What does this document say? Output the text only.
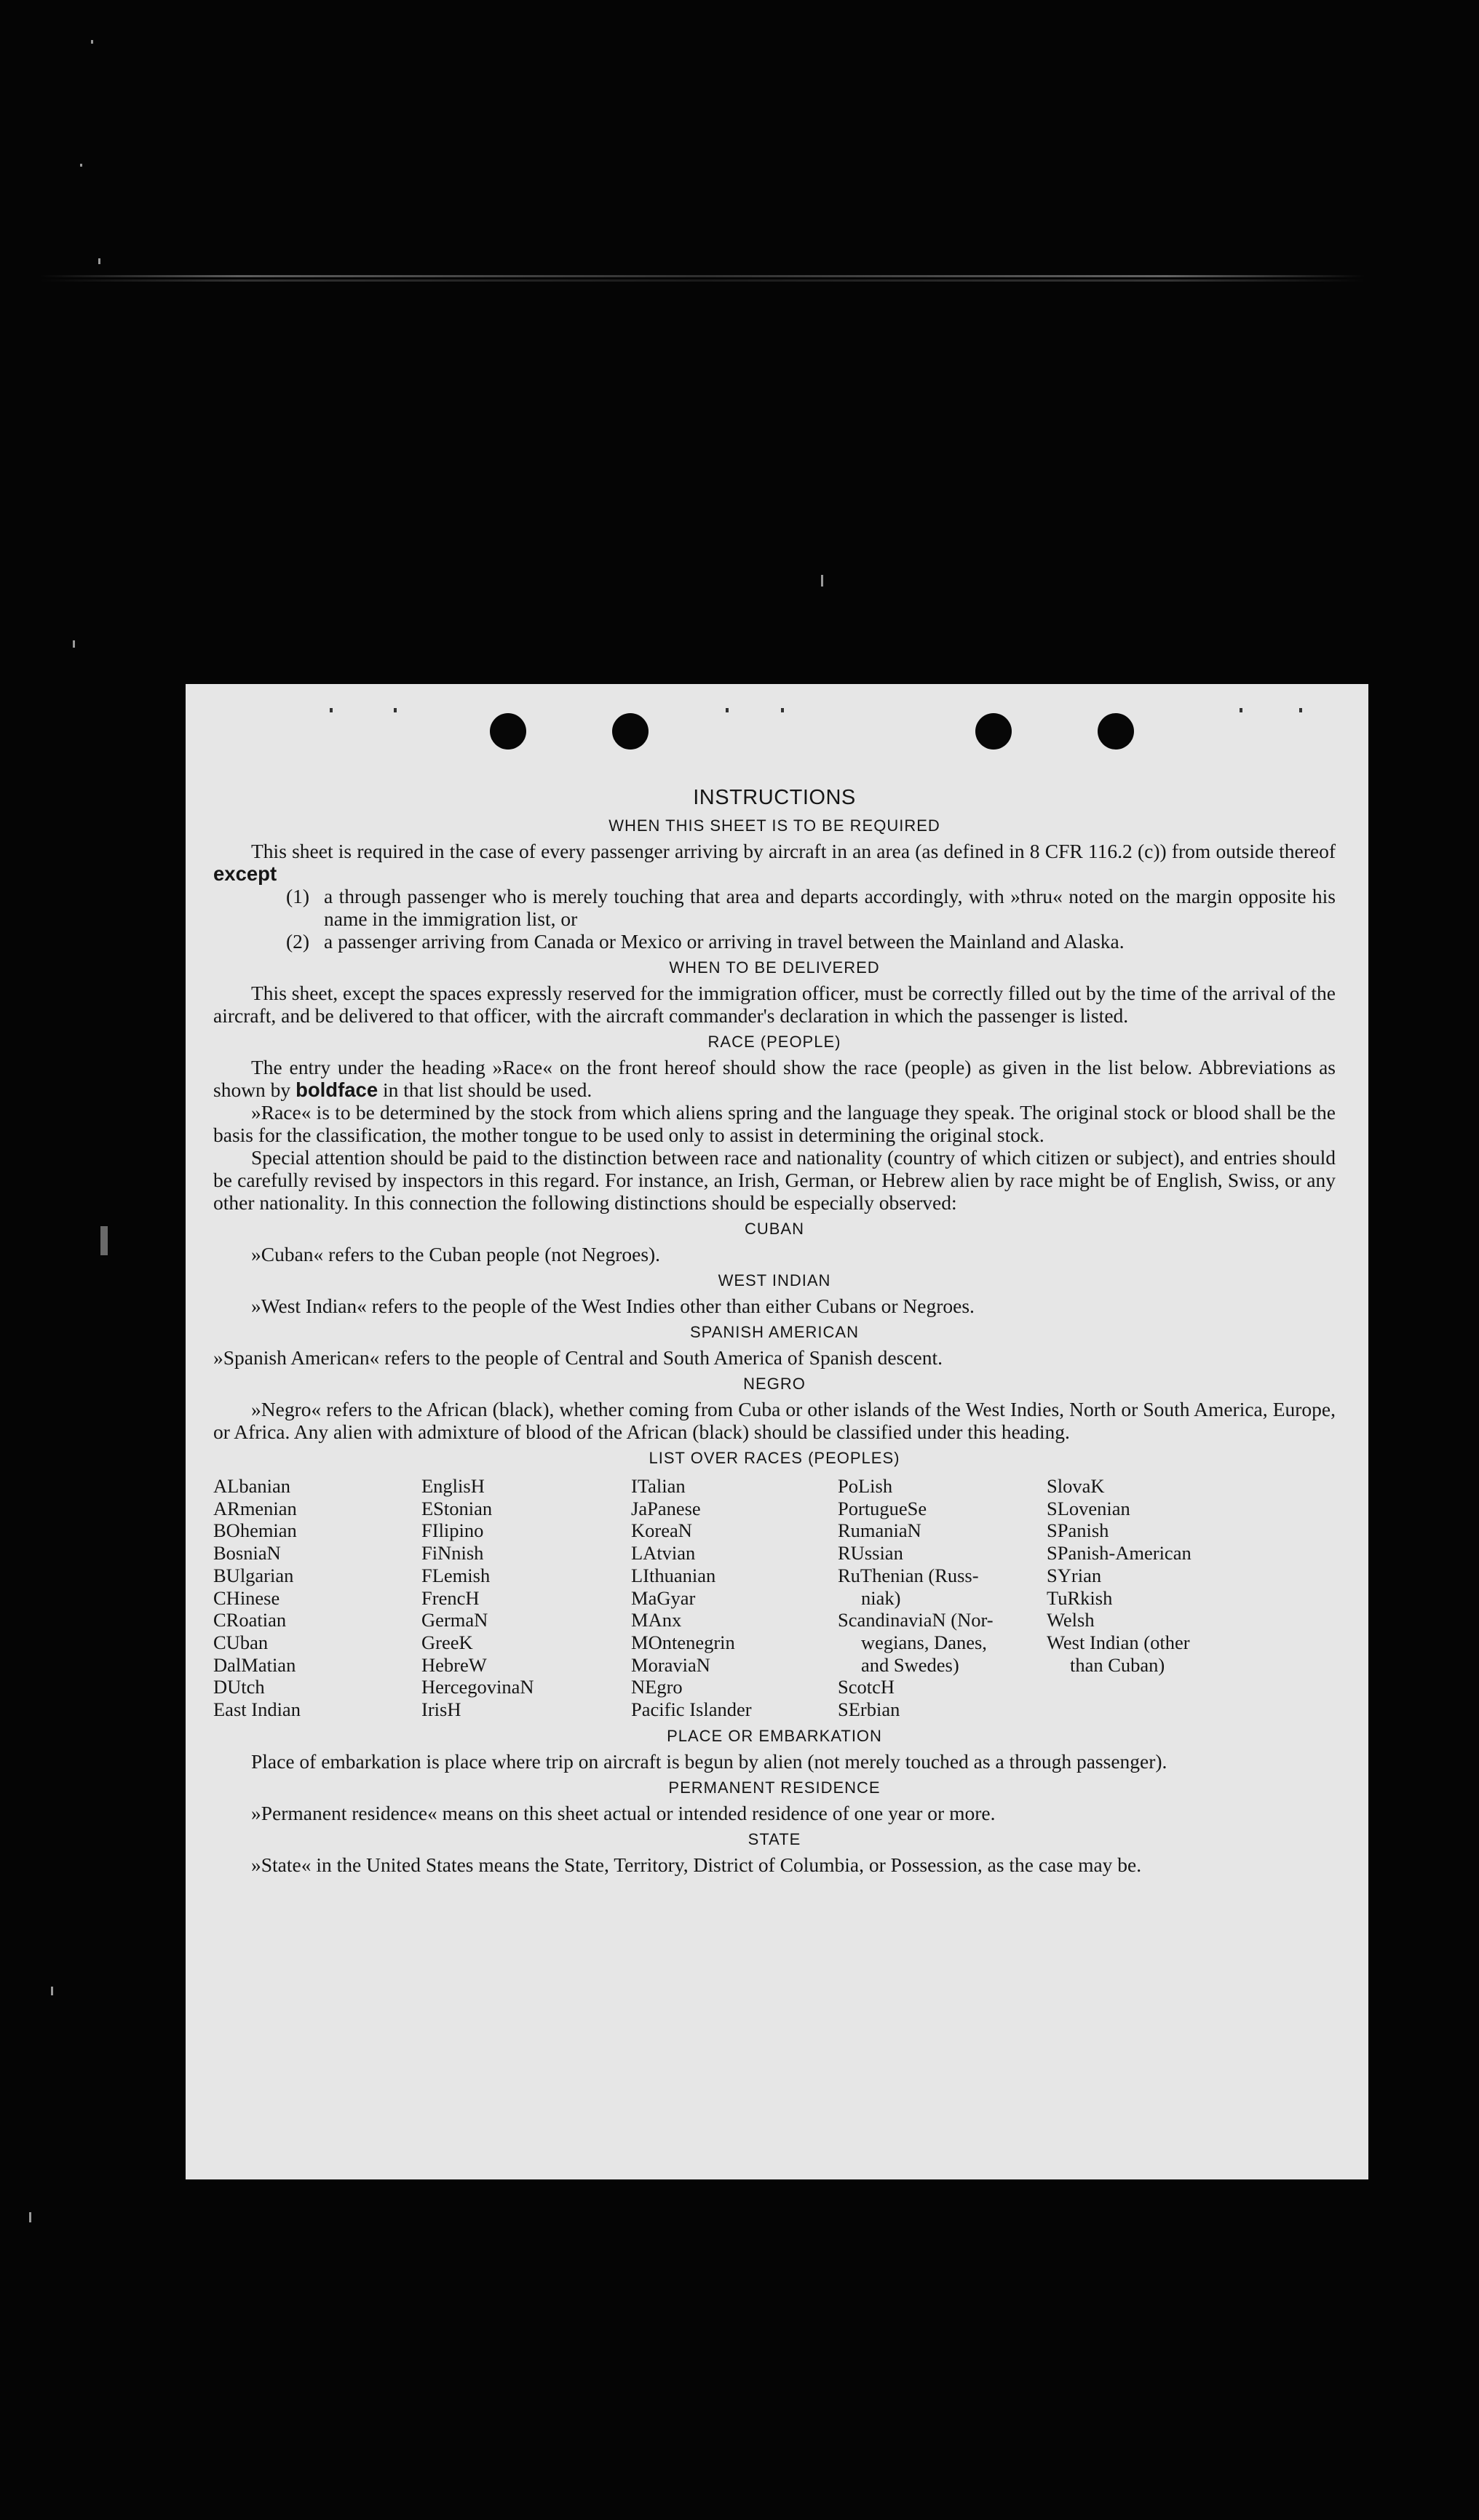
INSTRUCTIONS
WHEN THIS SHEET IS TO BE REQUIRED

This sheet is required in the case of every passenger arriving by aircraft in an area (as defined in 8 CFR 116.2 (c)) from outside thereof except

(1) a through passenger who is merely touching that area and departs accordingly, with »thru« noted on the margin opposite his name in the immigration list, or
(2) a passenger arriving from Canada or Mexico or arriving in travel between the Mainland and Alaska.
WHEN TO BE DELIVERED

This sheet, except the spaces expressly reserved for the immigration officer, must be correctly filled out by the time of the arrival of the aircraft, and be delivered to that officer, with the aircraft commander's declaration in which the passenger is listed.

RACE (PEOPLE)

The entry under the heading »Race« on the front hereof should show the race (people) as given in the list below. Abbreviations as shown by boldface in that list should be used.

»Race« is to be determined by the stock from which aliens spring and the language they speak. The original stock or blood shall be the basis for the classification, the mother tongue to be used only to assist in determining the original stock.

Special attention should be paid to the distinction between race and nationality (country of which citizen or subject), and entries should be carefully revised by inspectors in this regard. For instance, an Irish, German, or Hebrew alien by race might be of English, Swiss, or any other nationality. In this connection the following distinctions should be especially observed:

CUBAN

»Cuban« refers to the Cuban people (not Negroes).

WEST INDIAN

»West Indian« refers to the people of the West Indies other than either Cubans or Negroes.

SPANISH AMERICAN

»Spanish American« refers to the people of Central and South America of Spanish descent.

NEGRO

»Negro« refers to the African (black), whether coming from Cuba or other islands of the West Indies, North or South America, Europe, or Africa. Any alien with admixture of blood of the African (black) should be classified under this heading.

LIST OVER RACES (PEOPLES)
ALbanian
ARmenian
BOhemian
BosniaN
BUlgarian
CHinese
CRoatian
CUban
DalMatian
DUtch
East Indian
EnglisH
EStonian
FIlipino
FiNnish
FLemish
FrencH
GermaN
GreeK
HebreW
HercegovinaN
IrisH
ITalian
JaPanese
KoreaN
LAtvian
LIthuanian
MaGyar
MAnx
MOntenegrin
MoraviaN
NEgro
Pacific Islander
PoLish
PortugueSe
RumaniaN
RUssian
RuThenian (Russ-
niak)
ScandinaviaN (Nor-
wegians, Danes,
and Swedes)
ScotcH
SErbian
SlovaK
SLovenian
SPanish
SPanish-American
SYrian
TuRkish
Welsh
West Indian (other
than Cuban)
PLACE OR EMBARKATION

Place of embarkation is place where trip on aircraft is begun by alien (not merely touched as a through passenger).

PERMANENT RESIDENCE

»Permanent residence« means on this sheet actual or intended residence of one year or more.

STATE

»State« in the United States means the State, Territory, District of Columbia, or Possession, as the case may be.
